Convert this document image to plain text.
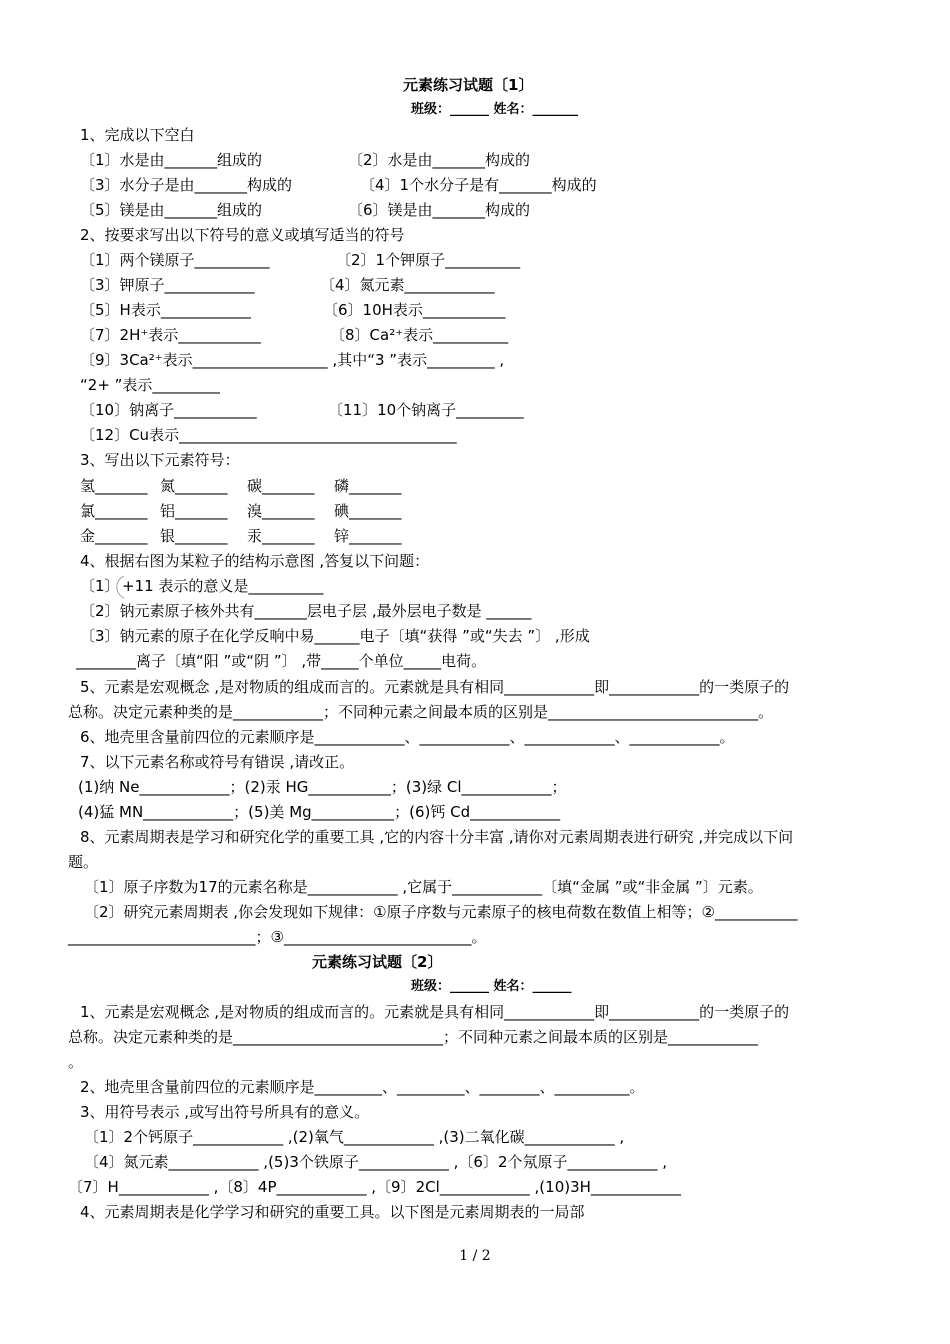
元素练习试题〔1〕
班级：______ 姓名：_______
1、完成以下空白
〔1〕水是由_______组成的	〔2〕水是由_______构成的
〔3〕水分子是由_______构成的	〔4〕1个水分子是有_______构成的
〔5〕镁是由_______组成的	〔6〕镁是由_______构成的
2、按要求写出以下符号的意义或填写适当的符号
〔1〕两个镁原子__________	〔2〕1个钾原子__________
〔3〕钾原子____________	〔4〕氮元素____________
〔5〕H表示____________	〔6〕10H表示___________
〔7〕2H⁺表示___________	〔8〕Ca²⁺表示__________
〔9〕3Ca²⁺表示__________________ ,其中“3 ”表示_________ ,
“2+ ”表示_________
〔10〕钠离子___________	〔11〕10个钠离子_________
〔12〕Cu表示_____________________________________
3、写出以下元素符号：
氢_______ 氮_______ 碳_______ 磷_______
氯_______ 铝_______ 溴_______ 碘_______
金_______ 银_______ 汞_______ 锌_______
4、根据右图为某粒子的结构示意图 ,答复以下问题：
〔1〕 +11 表示的意义是__________
〔2〕钠元素原子核外共有_______层电子层 ,最外层电子数是 ______
〔3〕钠元素的原子在化学反响中易______电子〔填“获得 ”或“失去 ”〕 ,形成
________离子〔填“阳 ”或“阴 ”〕 ,带_____个单位_____电荷。
5、元素是宏观概念 ,是对物质的组成而言的。元素就是具有相同____________即____________的一类原子的
总称。决定元素种类的是____________；不同种元素之间最本质的区别是____________________________。
6、地壳里含量前四位的元素顺序是____________、____________、____________、____________。
7、以下元素名称或符号有错误 ,请改正。
(1)纳 Ne____________；(2)汞 HG___________；(3)绿 Cl____________；
(4)猛 MN____________；(5)美 Mg___________；(6)钙 Cd____________
8、元素周期表是学习和研究化学的重要工具 ,它的内容十分丰富 ,请你对元素周期表进行研究 ,并完成以下问
题。
〔1〕原子序数为17的元素名称是____________ ,它属于____________〔填“金属 ”或“非金属 ”〕元素。
〔2〕研究元素周期表 ,你会发现如下规律：①原子序数与元素原子的核电荷数在数值上相等；②___________
_________________________；③_________________________。
元素练习试题〔2〕
班级：______ 姓名：______
1、元素是宏观概念 ,是对物质的组成而言的。元素就是具有相同____________即____________的一类原子的
总称。决定元素种类的是____________________________；不同种元素之间最本质的区别是____________
。
2、地壳里含量前四位的元素顺序是_________、_________、________、__________。
3、用符号表示 ,或写出符号所具有的意义。
〔1〕2个钙原子____________ ,(2)氧气____________ ,(3)二氧化碳____________ ,
〔4〕氮元素____________ ,(5)3个铁原子____________ ,〔6〕2个氖原子____________ ,
〔7〕H____________ ,〔8〕4P____________ ,〔9〕2Cl____________ ,(10)3H____________
4、元素周期表是化学学习和研究的重要工具。以下图是元素周期表的一局部
1 / 2
